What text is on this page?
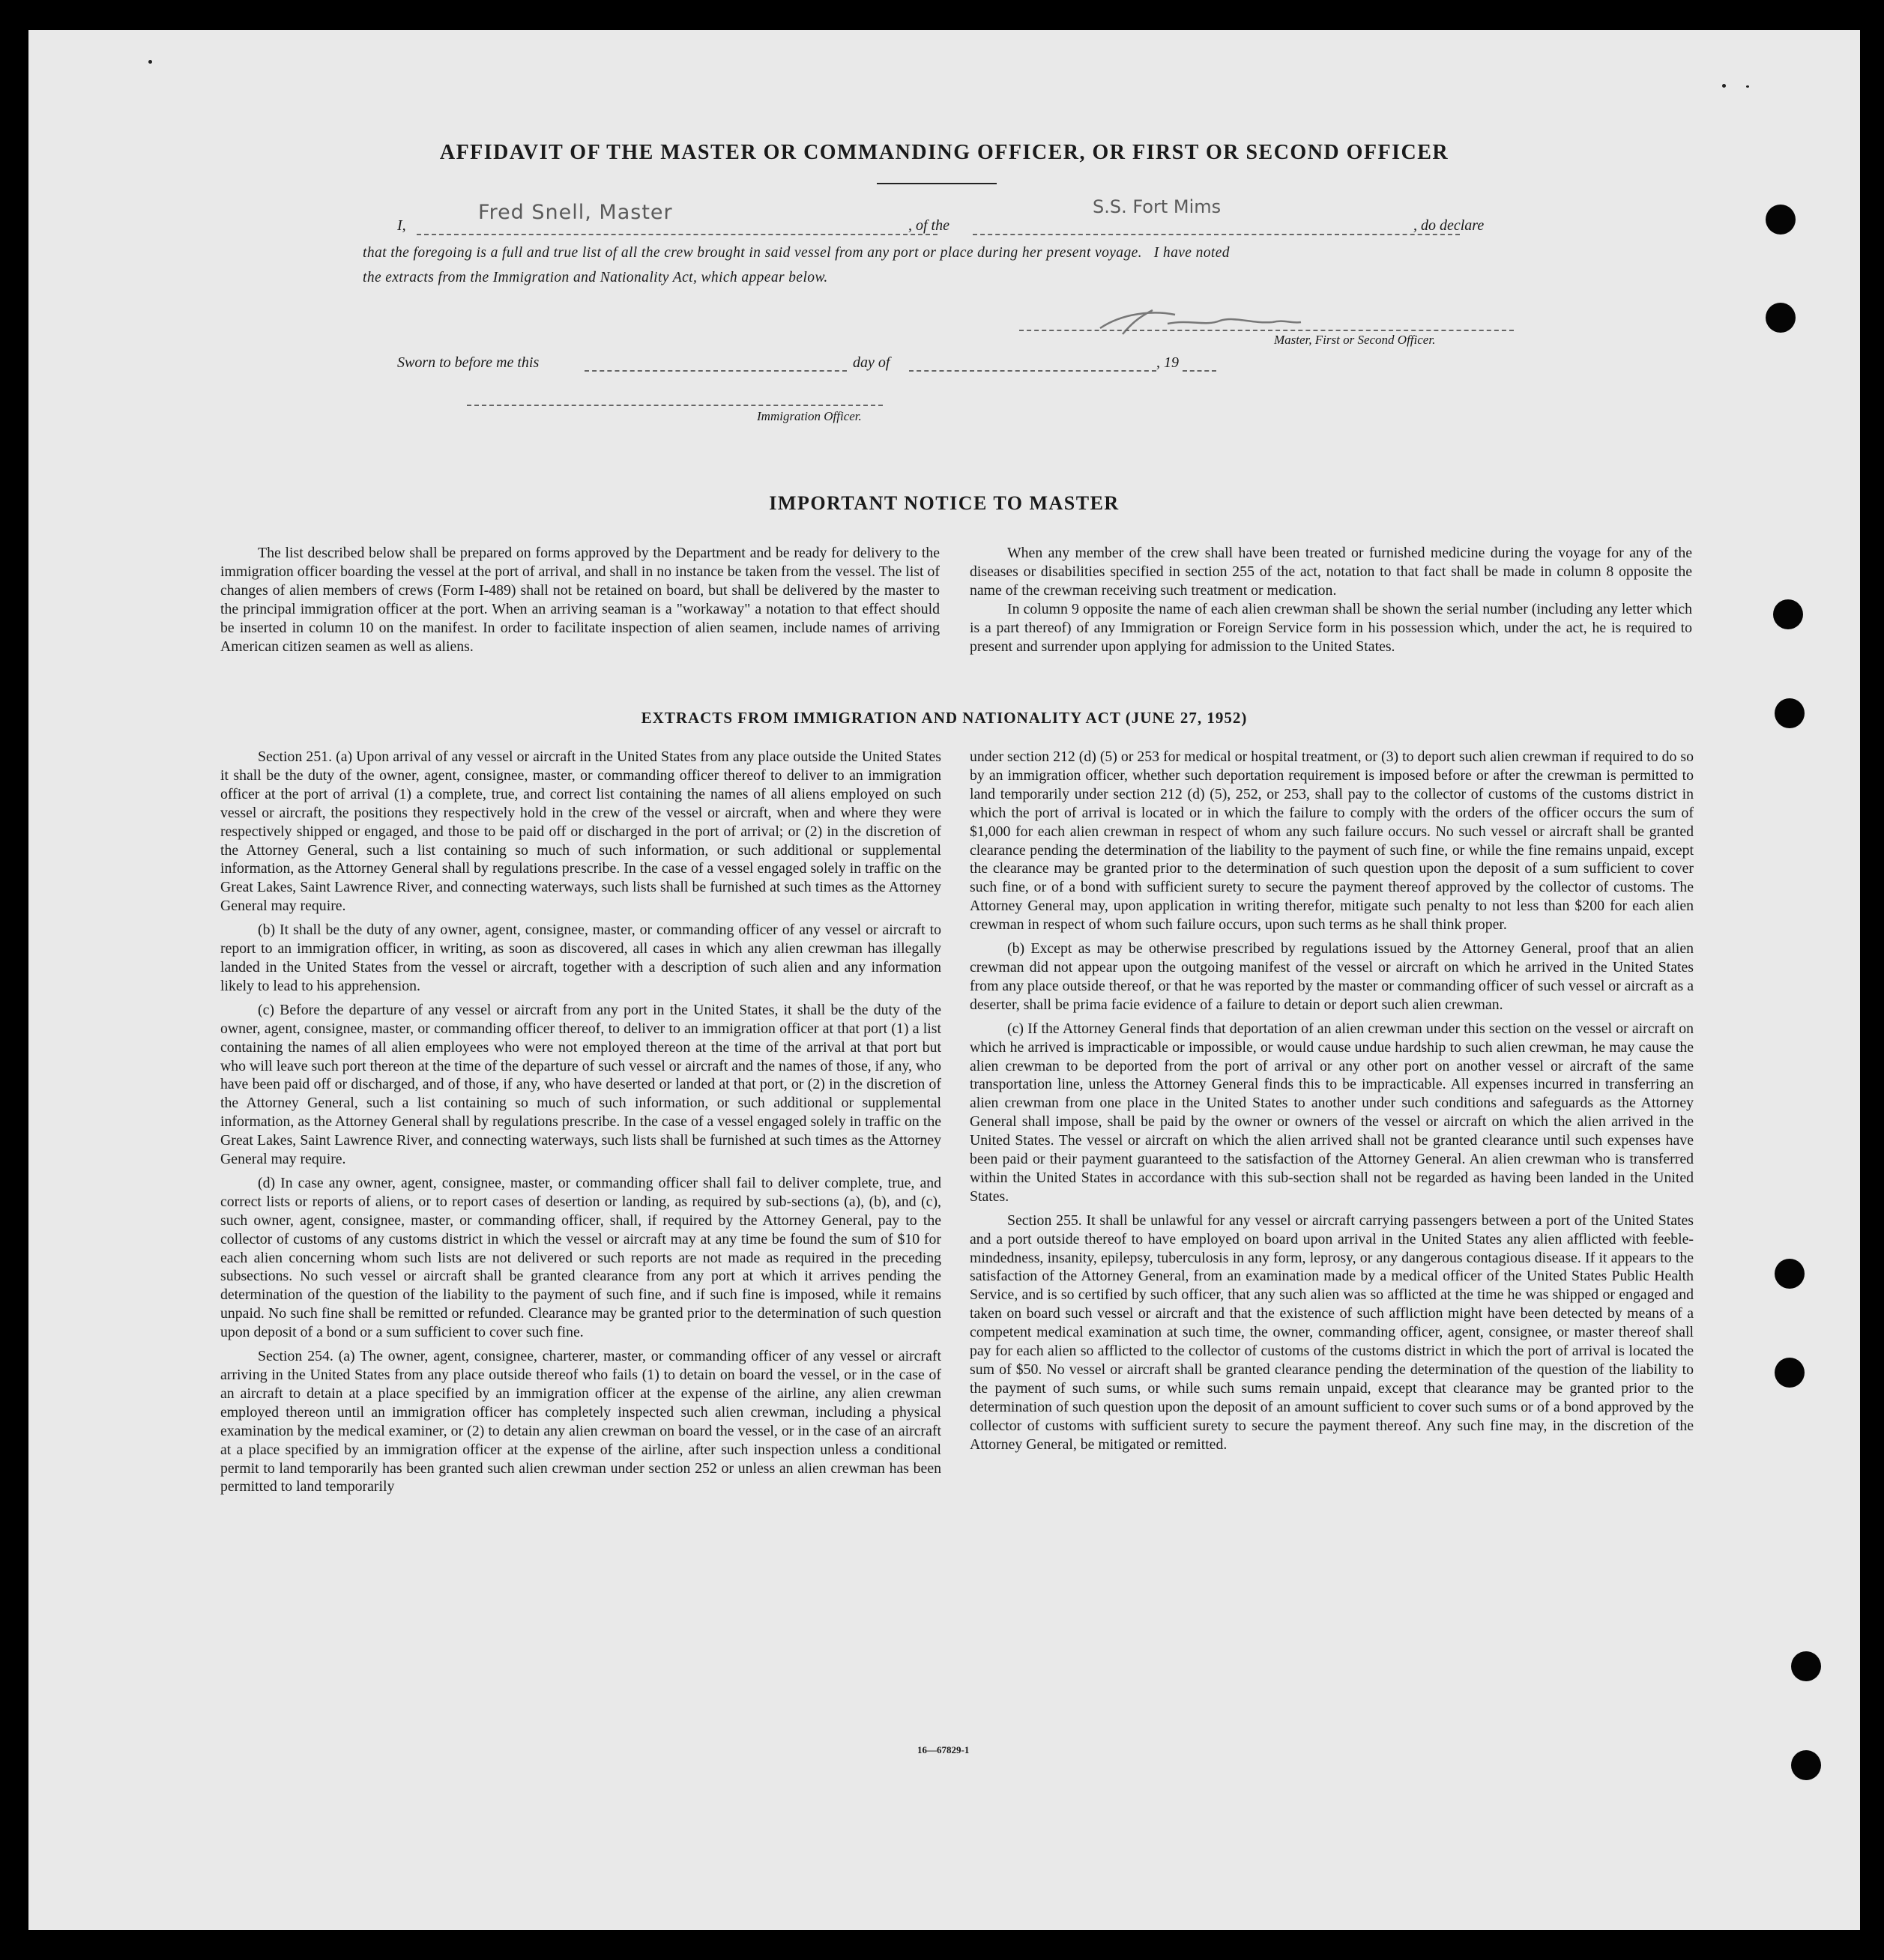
AFFIDAVIT OF THE MASTER OR COMMANDING OFFICER, OR FIRST OR SECOND OFFICER
I,
Fred Snell, Master
, of the
S.S. Fort Mims
, do declare
that the foregoing is a full and true list of all the crew brought in said vessel from any port or place during her present voyage.   I have noted
the extracts from the Immigration and Nationality Act, which appear below.
Master, First or Second Officer.
Sworn to before me this	day of	, 19
Immigration Officer.
IMPORTANT NOTICE TO MASTER

The list described below shall be prepared on forms approved by the Department and be ready for delivery to the immigration officer boarding the vessel at the port of arrival, and shall in no instance be taken from the vessel. The list of changes of alien members of crews (Form I-489) shall not be retained on board, but shall be delivered by the master to the principal immigration officer at the port. When an arriving seaman is a "workaway" a notation to that effect should be inserted in column 10 on the manifest. In order to facilitate inspection of alien seamen, include names of arriving American citizen seamen as well as aliens.

When any member of the crew shall have been treated or furnished medicine during the voyage for any of the diseases or disabilities specified in section 255 of the act, notation to that fact shall be made in column 8 opposite the name of the crewman receiving such treatment or medication.

In column 9 opposite the name of each alien crewman shall be shown the serial number (including any letter which is a part thereof) of any Immigration or Foreign Service form in his possession which, under the act, he is required to present and surrender upon applying for admission to the United States.

EXTRACTS FROM IMMIGRATION AND NATIONALITY ACT (JUNE 27, 1952)

Section 251. (a) Upon arrival of any vessel or aircraft in the United States from any place outside the United States it shall be the duty of the owner, agent, consignee, master, or commanding officer thereof to deliver to an immigration officer at the port of arrival (1) a complete, true, and correct list containing the names of all aliens employed on such vessel or aircraft, the positions they respectively hold in the crew of the vessel or aircraft, when and where they were respectively shipped or engaged, and those to be paid off or discharged in the port of arrival; or (2) in the discretion of the Attorney General, such a list containing so much of such information, or such additional or supplemental information, as the Attorney General shall by regulations prescribe. In the case of a vessel engaged solely in traffic on the Great Lakes, Saint Lawrence River, and connecting waterways, such lists shall be furnished at such times as the Attorney General may require.

(b) It shall be the duty of any owner, agent, consignee, master, or commanding officer of any vessel or aircraft to report to an immigration officer, in writing, as soon as discovered, all cases in which any alien crewman has illegally landed in the United States from the vessel or aircraft, together with a description of such alien and any information likely to lead to his apprehension.

(c) Before the departure of any vessel or aircraft from any port in the United States, it shall be the duty of the owner, agent, consignee, master, or commanding officer thereof, to deliver to an immigration officer at that port (1) a list containing the names of all alien employees who were not employed thereon at the time of the arrival at that port but who will leave such port thereon at the time of the departure of such vessel or aircraft and the names of those, if any, who have been paid off or discharged, and of those, if any, who have deserted or landed at that port, or (2) in the discretion of the Attorney General, such a list containing so much of such information, or such additional or supplemental information, as the Attorney General shall by regulations prescribe. In the case of a vessel engaged solely in traffic on the Great Lakes, Saint Lawrence River, and connecting waterways, such lists shall be furnished at such times as the Attorney General may require.

(d) In case any owner, agent, consignee, master, or commanding officer shall fail to deliver complete, true, and correct lists or reports of aliens, or to report cases of desertion or landing, as required by sub-sections (a), (b), and (c), such owner, agent, consignee, master, or commanding officer, shall, if required by the Attorney General, pay to the collector of customs of any customs district in which the vessel or aircraft may at any time be found the sum of $10 for each alien concerning whom such lists are not delivered or such reports are not made as required in the preceding subsections. No such vessel or aircraft shall be granted clearance from any port at which it arrives pending the determination of the question of the liability to the payment of such fine, and if such fine is imposed, while it remains unpaid. No such fine shall be remitted or refunded. Clearance may be granted prior to the determination of such question upon deposit of a bond or a sum sufficient to cover such fine.

Section 254. (a) The owner, agent, consignee, charterer, master, or commanding officer of any vessel or aircraft arriving in the United States from any place outside thereof who fails (1) to detain on board the vessel, or in the case of an aircraft to detain at a place specified by an immigration officer at the expense of the airline, any alien crewman employed thereon until an immigration officer has completely inspected such alien crewman, including a physical examination by the medical examiner, or (2) to detain any alien crewman on board the vessel, or in the case of an aircraft at a place specified by an immigration officer at the expense of the airline, after such inspection unless a conditional permit to land temporarily has been granted such alien crewman under section 252 or unless an alien crewman has been permitted to land temporarily

under section 212 (d) (5) or 253 for medical or hospital treatment, or (3) to deport such alien crewman if required to do so by an immigration officer, whether such deportation requirement is imposed before or after the crewman is permitted to land temporarily under section 212 (d) (5), 252, or 253, shall pay to the collector of customs of the customs district in which the port of arrival is located or in which the failure to comply with the orders of the officer occurs the sum of $1,000 for each alien crewman in respect of whom any such failure occurs. No such vessel or aircraft shall be granted clearance pending the determination of the liability to the payment of such fine, or while the fine remains unpaid, except the clearance may be granted prior to the determination of such question upon the deposit of a sum sufficient to cover such fine, or of a bond with sufficient surety to secure the payment thereof approved by the collector of customs. The Attorney General may, upon application in writing therefor, mitigate such penalty to not less than $200 for each alien crewman in respect of whom such failure occurs, upon such terms as he shall think proper.

(b) Except as may be otherwise prescribed by regulations issued by the Attorney General, proof that an alien crewman did not appear upon the outgoing manifest of the vessel or aircraft on which he arrived in the United States from any place outside thereof, or that he was reported by the master or commanding officer of such vessel or aircraft as a deserter, shall be prima facie evidence of a failure to detain or deport such alien crewman.

(c) If the Attorney General finds that deportation of an alien crewman under this section on the vessel or aircraft on which he arrived is impracticable or impossible, or would cause undue hardship to such alien crewman, he may cause the alien crewman to be deported from the port of arrival or any other port on another vessel or aircraft of the same transportation line, unless the Attorney General finds this to be impracticable. All expenses incurred in transferring an alien crewman from one place in the United States to another under such conditions and safeguards as the Attorney General shall impose, shall be paid by the owner or owners of the vessel or aircraft on which the alien arrived in the United States. The vessel or aircraft on which the alien arrived shall not be granted clearance until such expenses have been paid or their payment guaranteed to the satisfaction of the Attorney General. An alien crewman who is transferred within the United States in accordance with this sub-section shall not be regarded as having been landed in the United States.

Section 255. It shall be unlawful for any vessel or aircraft carrying passengers between a port of the United States and a port outside thereof to have employed on board upon arrival in the United States any alien afflicted with feeble-mindedness, insanity, epilepsy, tuberculosis in any form, leprosy, or any dangerous contagious disease. If it appears to the satisfaction of the Attorney General, from an examination made by a medical officer of the United States Public Health Service, and is so certified by such officer, that any such alien was so afflicted at the time he was shipped or engaged and taken on board such vessel or aircraft and that the existence of such affliction might have been detected by means of a competent medical examination at such time, the owner, commanding officer, agent, consignee, or master thereof shall pay for each alien so afflicted to the collector of customs of the customs district in which the port of arrival is located the sum of $50. No vessel or aircraft shall be granted clearance pending the determination of the question of the liability to the payment of such sums, or while such sums remain unpaid, except that clearance may be granted prior to the determination of such question upon the deposit of an amount sufficient to cover such sums or of a bond approved by the collector of customs with sufficient surety to secure the payment thereof. Any such fine may, in the discretion of the Attorney General, be mitigated or remitted.

16—67829-1
